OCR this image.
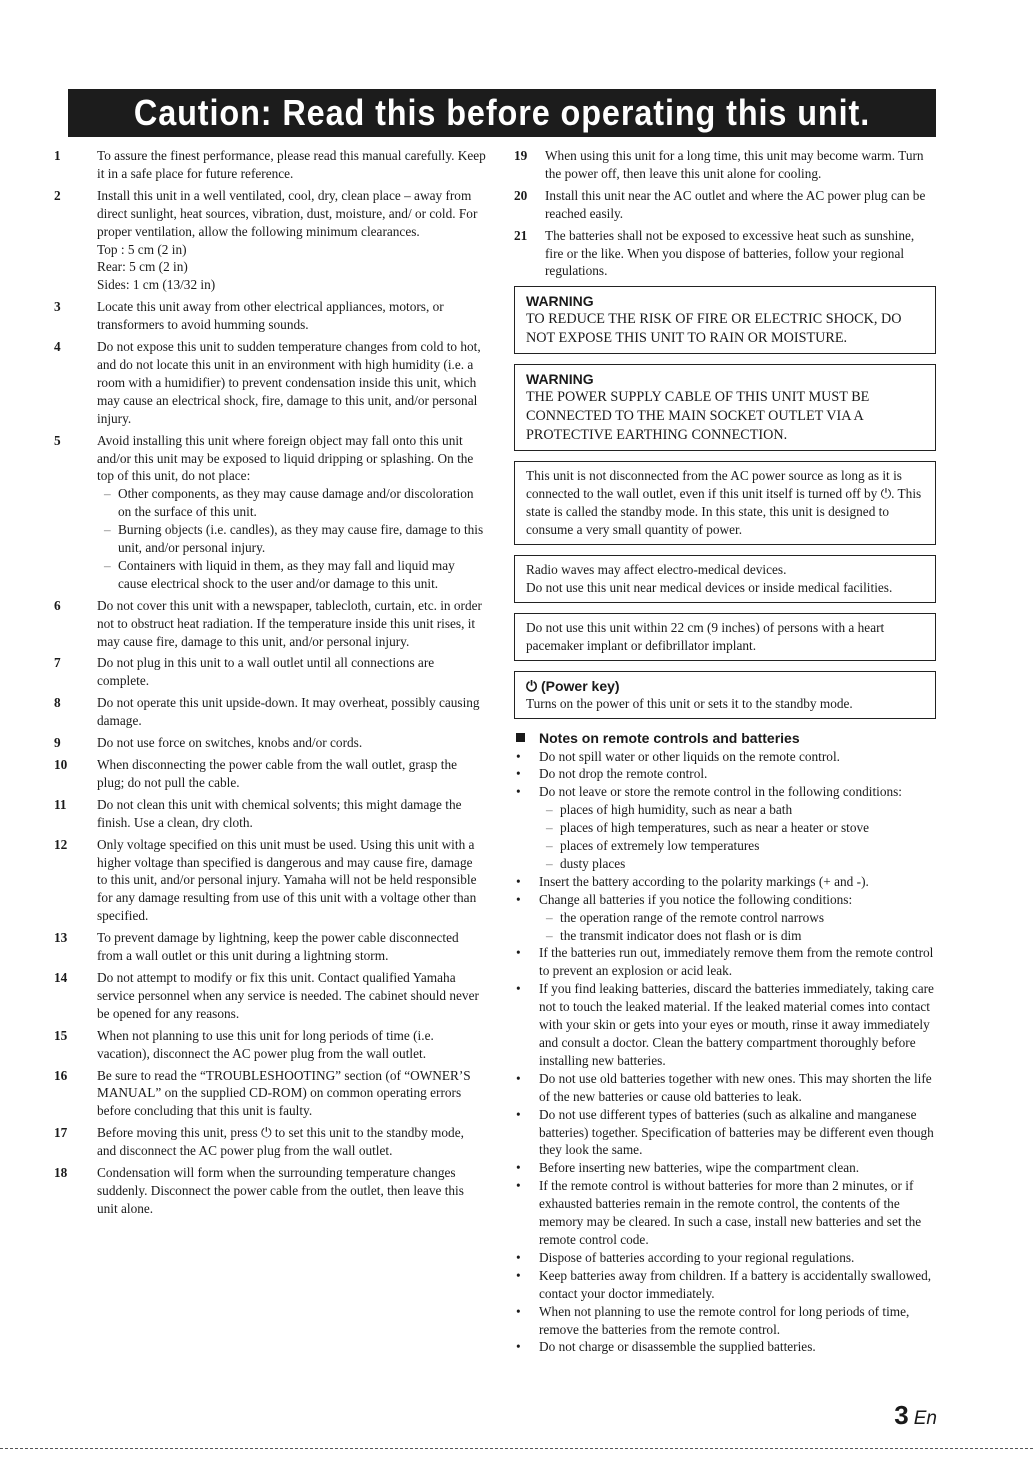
Caution: Read this before operating this unit.
1	To assure the finest performance, please read this manual carefully. Keep it in a safe place for future reference.

2	Install this unit in a well ventilated, cool, dry, clean place – away from direct sunlight, heat sources, vibration, dust, moisture, and/ or cold. For proper ventilation, allow the following minimum clearances.

Top : 5 cm (2 in)

Rear: 5 cm (2 in)

Sides: 1 cm (13/32 in)

3	Locate this unit away from other electrical appliances, motors, or transformers to avoid humming sounds.

4	Do not expose this unit to sudden temperature changes from cold to hot, and do not locate this unit in an environment with high humidity (i.e. a room with a humidifier) to prevent condensation inside this unit, which may cause an electrical shock, fire, damage to this unit, and/or personal injury.

5	Avoid installing this unit where foreign object may fall onto this unit and/or this unit may be exposed to liquid dripping or splashing. On the top of this unit, do not place:

– Other components, as they may cause damage and/or discoloration on the surface of this unit.
– Burning objects (i.e. candles), as they may cause fire, damage to this unit, and/or personal injury.
– Containers with liquid in them, as they may fall and liquid may cause electrical shock to the user and/or damage to this unit.
6	Do not cover this unit with a newspaper, tablecloth, curtain, etc. in order not to obstruct heat radiation. If the temperature inside this unit rises, it may cause fire, damage to this unit, and/or personal injury.

7	Do not plug in this unit to a wall outlet until all connections are complete.

8	Do not operate this unit upside-down. It may overheat, possibly causing damage.

9	Do not use force on switches, knobs and/or cords.

10	When disconnecting the power cable from the wall outlet, grasp the plug; do not pull the cable.

11	Do not clean this unit with chemical solvents; this might damage the finish. Use a clean, dry cloth.

12	Only voltage specified on this unit must be used. Using this unit with a higher voltage than specified is dangerous and may cause fire, damage to this unit, and/or personal injury. Yamaha will not be held responsible for any damage resulting from use of this unit with a voltage other than specified.

13	To prevent damage by lightning, keep the power cable disconnected from a wall outlet or this unit during a lightning storm.

14	Do not attempt to modify or fix this unit. Contact qualified Yamaha service personnel when any service is needed. The cabinet should never be opened for any reasons.

15	When not planning to use this unit for long periods of time (i.e. vacation), disconnect the AC power plug from the wall outlet.

16	Be sure to read the “TROUBLESHOOTING” section (of “OWNER’S MANUAL” on the supplied CD-ROM) on common operating errors before concluding that this unit is faulty.

17	Before moving this unit, press ⏻ to set this unit to the standby mode, and disconnect the AC power plug from the wall outlet.

18	Condensation will form when the surrounding temperature changes suddenly. Disconnect the power cable from the outlet, then leave this unit alone.

19	When using this unit for a long time, this unit may become warm. Turn the power off, then leave this unit alone for cooling.

20	Install this unit near the AC outlet and where the AC power plug can be reached easily.

21	The batteries shall not be exposed to excessive heat such as sunshine, fire or the like. When you dispose of batteries, follow your regional regulations.

WARNING

TO REDUCE THE RISK OF FIRE OR ELECTRIC SHOCK, DO NOT EXPOSE THIS UNIT TO RAIN OR MOISTURE.

WARNING

THE POWER SUPPLY CABLE OF THIS UNIT MUST BE CONNECTED TO THE MAIN SOCKET OUTLET VIA A PROTECTIVE EARTHING CONNECTION.

This unit is not disconnected from the AC power source as long as it is connected to the wall outlet, even if this unit itself is turned off by ⏻. This state is called the standby mode. In this state, this unit is designed to consume a very small quantity of power.

Radio waves may affect electro-medical devices.

Do not use this unit near medical devices or inside medical facilities.

Do not use this unit within 22 cm (9 inches) of persons with a heart pacemaker implant or defibrillator implant.

⏻ (Power key)

Turns on the power of this unit or sets it to the standby mode.

Notes on remote controls and batteries
• Do not spill water or other liquids on the remote control.
• Do not drop the remote control.
• Do not leave or store the remote control in the following conditions:
– places of high humidity, such as near a bath
– places of high temperatures, such as near a heater or stove
– places of extremely low temperatures
– dusty places
• Insert the battery according to the polarity markings (+ and -).
• Change all batteries if you notice the following conditions:
– the operation range of the remote control narrows
– the transmit indicator does not flash or is dim
• If the batteries run out, immediately remove them from the remote control to prevent an explosion or acid leak.
• If you find leaking batteries, discard the batteries immediately, taking care not to touch the leaked material. If the leaked material comes into contact with your skin or gets into your eyes or mouth, rinse it away immediately and consult a doctor. Clean the battery compartment thoroughly before installing new batteries.
• Do not use old batteries together with new ones. This may shorten the life of the new batteries or cause old batteries to leak.
• Do not use different types of batteries (such as alkaline and manganese batteries) together. Specification of batteries may be different even though they look the same.
• Before inserting new batteries, wipe the compartment clean.
• If the remote control is without batteries for more than 2 minutes, or if exhausted batteries remain in the remote control, the contents of the memory may be cleared. In such a case, install new batteries and set the remote control code.
• Dispose of batteries according to your regional regulations.
• Keep batteries away from children. If a battery is accidentally swallowed, contact your doctor immediately.
• When not planning to use the remote control for long periods of time, remove the batteries from the remote control.
• Do not charge or disassemble the supplied batteries.
3 En
